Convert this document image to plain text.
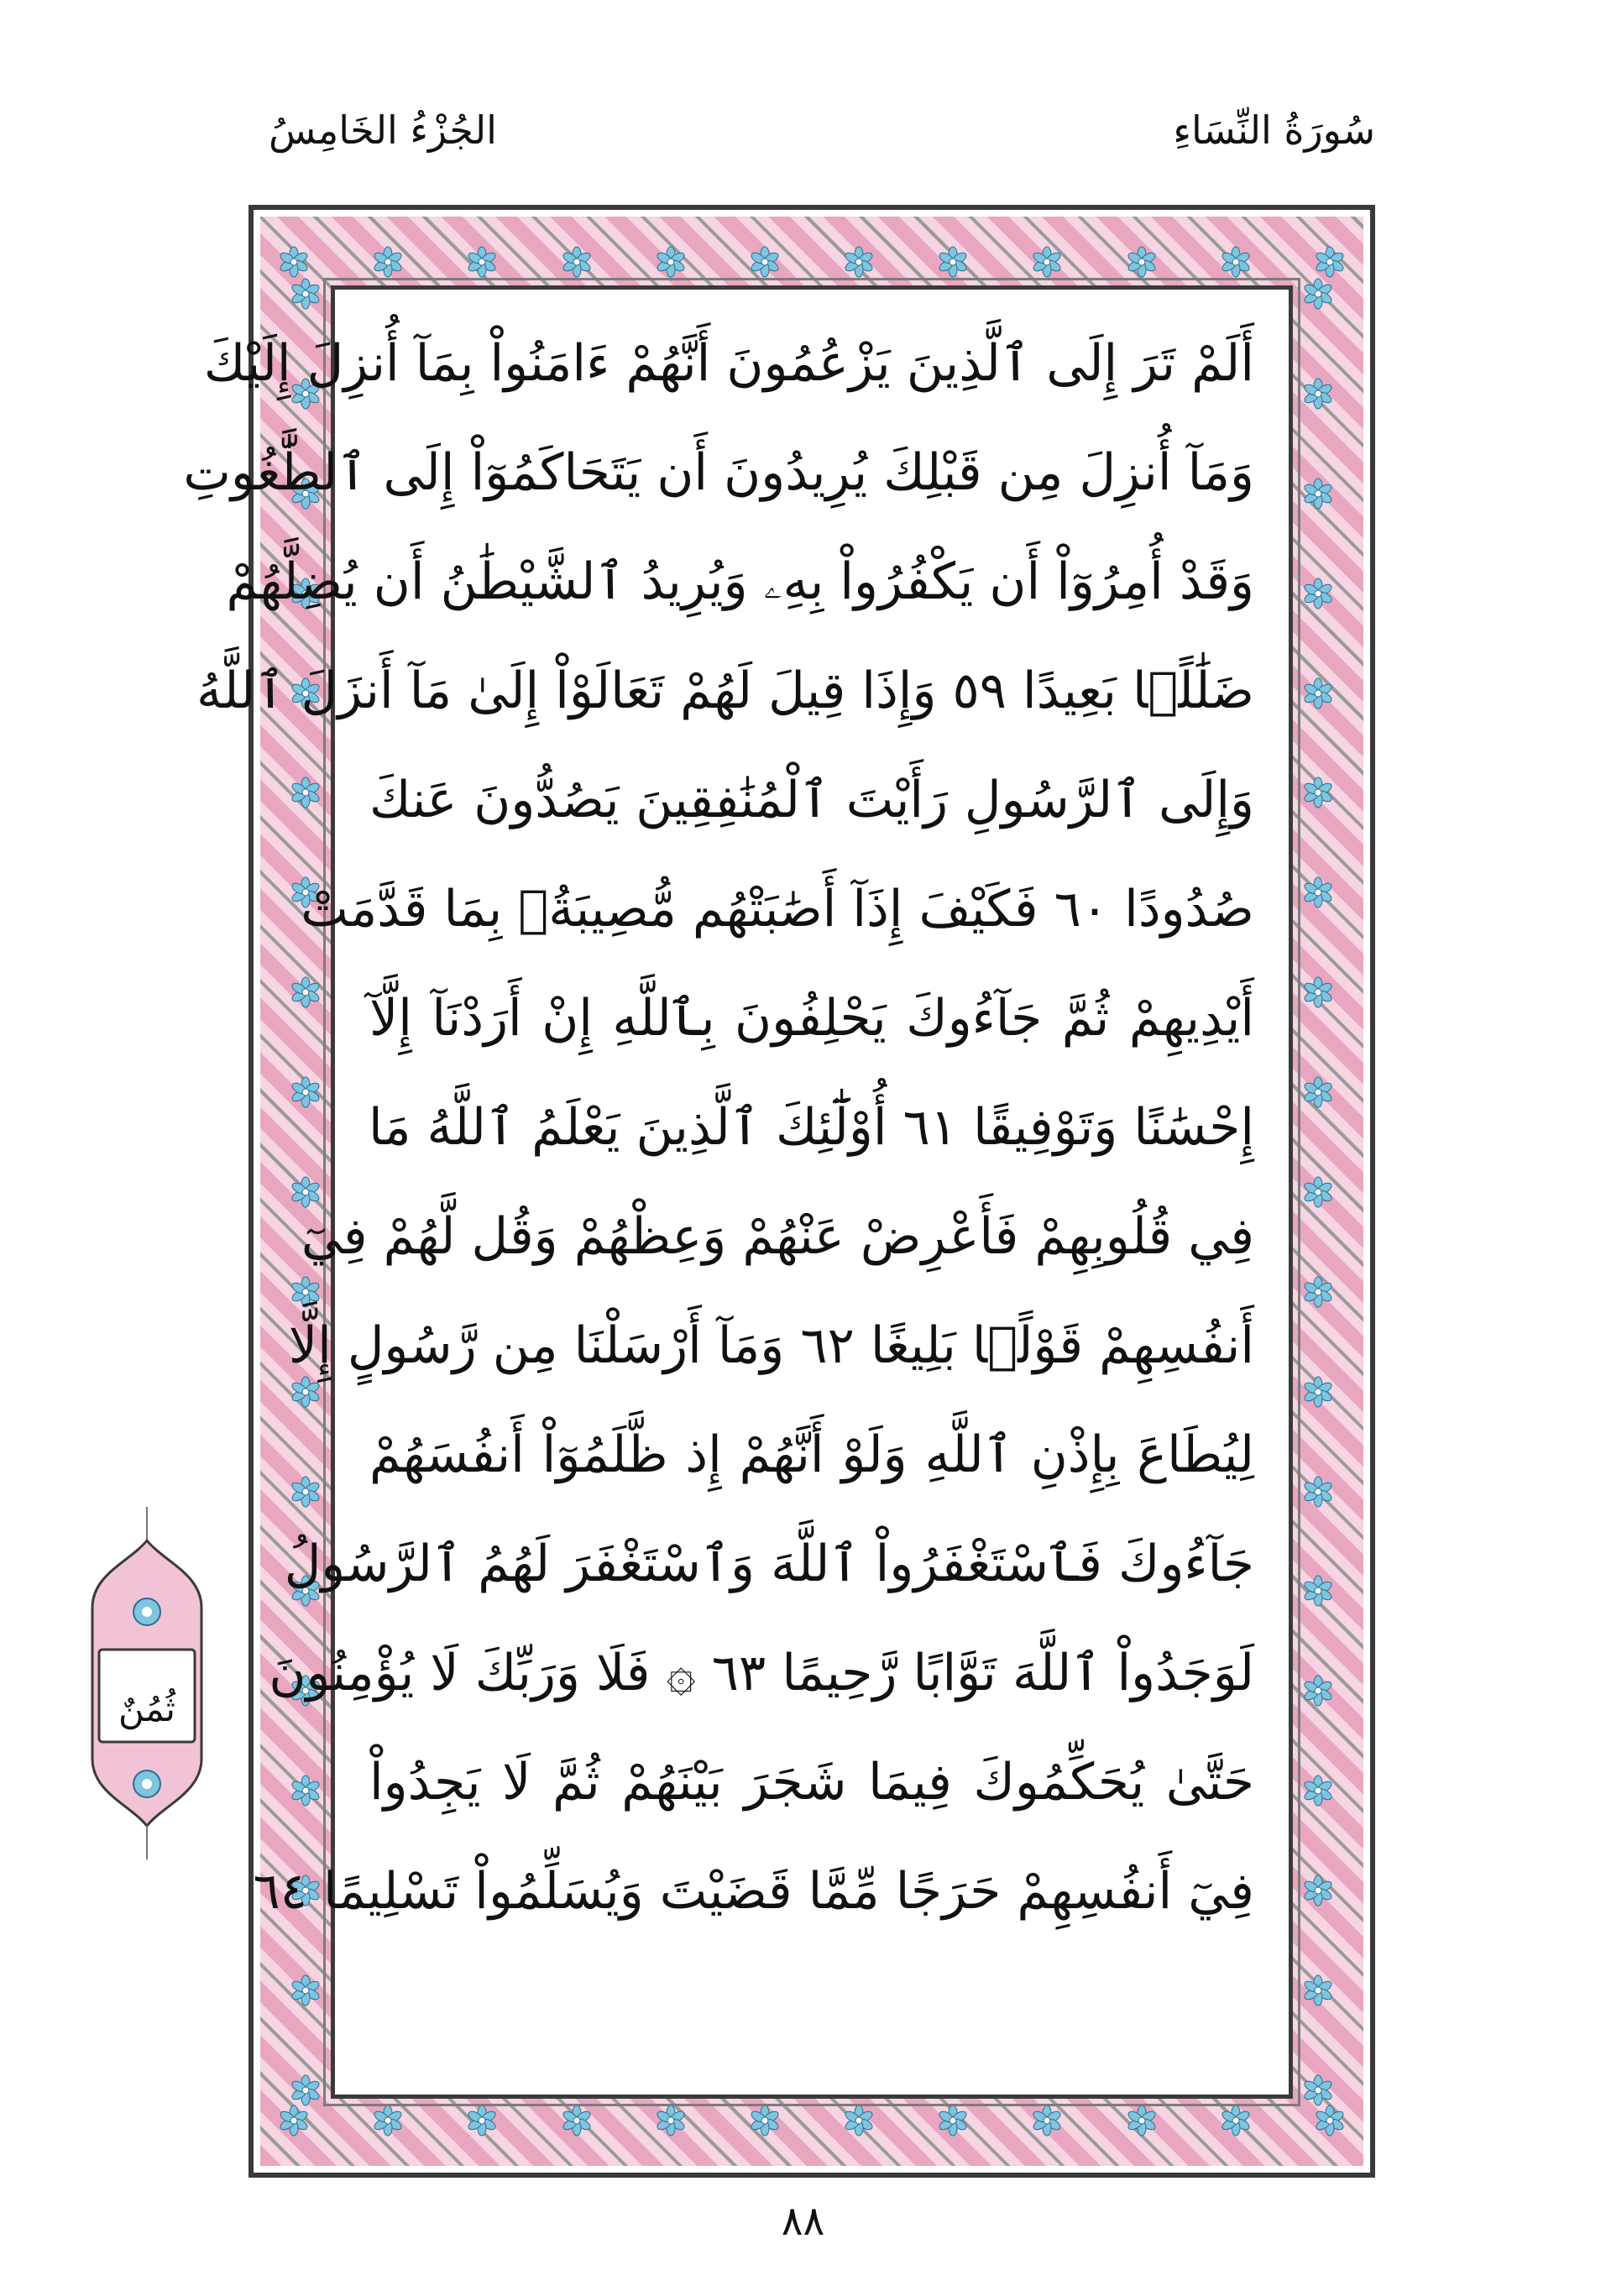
سُورَةُ النِّسَاءِ
الجُزْءُ الخَامِسُ
أَلَمْ تَرَ إِلَى ٱلَّذِينَ يَزْعُمُونَ أَنَّهُمْ ءَامَنُواْ بِمَآ أُنزِلَ إِلَيْكَ
وَمَآ أُنزِلَ مِن قَبْلِكَ يُرِيدُونَ أَن يَتَحَاكَمُوٓاْ إِلَى ٱلطَّٰغُوتِ
وَقَدْ أُمِرُوٓاْ أَن يَكْفُرُواْ بِهِۦ وَيُرِيدُ ٱلشَّيْطَٰنُ أَن يُضِلَّهُمْ
ضَلَٰلًۢا بَعِيدًا ٥٩ وَإِذَا قِيلَ لَهُمْ تَعَالَوْاْ إِلَىٰ مَآ أَنزَلَ ٱللَّهُ
وَإِلَى ٱلرَّسُولِ رَأَيْتَ ٱلْمُنَٰفِقِينَ يَصُدُّونَ عَنكَ
صُدُودًا ٦٠ فَكَيْفَ إِذَآ أَصَٰبَتْهُم مُّصِيبَةُۢ بِمَا قَدَّمَتْ
أَيْدِيهِمْ ثُمَّ جَآءُوكَ يَحْلِفُونَ بِٱللَّهِ إِنْ أَرَدْنَآ إِلَّآ
إِحْسَٰنًا وَتَوْفِيقًا ٦١ أُوْلَٰٓئِكَ ٱلَّذِينَ يَعْلَمُ ٱللَّهُ مَا
فِي قُلُوبِهِمْ فَأَعْرِضْ عَنْهُمْ وَعِظْهُمْ وَقُل لَّهُمْ فِيٓ
أَنفُسِهِمْ قَوْلًۢا بَلِيغًا ٦٢ وَمَآ أَرْسَلْنَا مِن رَّسُولٍ إِلَّا
لِيُطَاعَ بِإِذْنِ ٱللَّهِ وَلَوْ أَنَّهُمْ إِذ ظَّلَمُوٓاْ أَنفُسَهُمْ
جَآءُوكَ فَٱسْتَغْفَرُواْ ٱللَّهَ وَٱسْتَغْفَرَ لَهُمُ ٱلرَّسُولُ
لَوَجَدُواْ ٱللَّهَ تَوَّابًا رَّحِيمًا ٦٣ ۞ فَلَا وَرَبِّكَ لَا يُؤْمِنُونَ
حَتَّىٰ يُحَكِّمُوكَ فِيمَا شَجَرَ بَيْنَهُمْ ثُمَّ لَا يَجِدُواْ
فِيٓ أَنفُسِهِمْ حَرَجًا مِّمَّا قَضَيْتَ وَيُسَلِّمُواْ تَسْلِيمًا ٦٤
ثُمُنٌ
٨٨
